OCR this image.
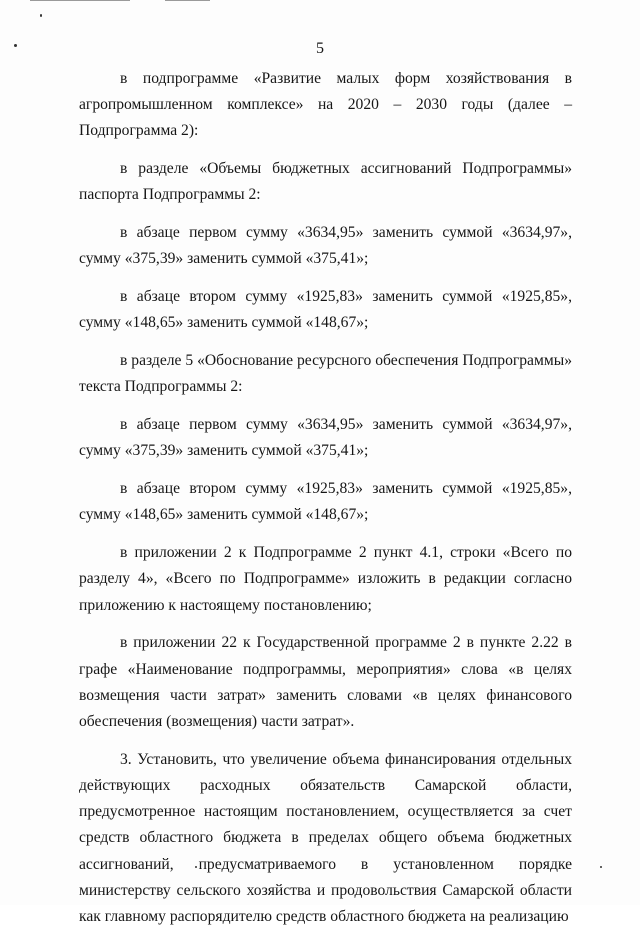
5

в подпрограмме «Развитие малых форм хозяйствования в агропромышленном комплексе» на 2020 – 2030 годы (далее – Подпрограмма 2):

в разделе «Объемы бюджетных ассигнований Подпрограммы» паспорта Подпрограммы 2:

в абзаце первом сумму «3634,95» заменить суммой «3634,97», сумму «375,39» заменить суммой «375,41»;

в абзаце втором сумму «1925,83» заменить суммой «1925,85», сумму «148,65» заменить суммой «148,67»;

в разделе 5 «Обоснование ресурсного обеспечения Подпрограммы» текста Подпрограммы 2:

в абзаце первом сумму «3634,95» заменить суммой «3634,97», сумму «375,39» заменить суммой «375,41»;

в абзаце втором сумму «1925,83» заменить суммой «1925,85», сумму «148,65» заменить суммой «148,67»;

в приложении 2 к Подпрограмме 2 пункт 4.1, строки «Всего по разделу 4», «Всего по Подпрограмме» изложить в редакции согласно приложению к настоящему постановлению;

в приложении 22 к Государственной программе 2 в пункте 2.22 в графе «Наименование подпрограммы, мероприятия» слова «в целях возмещения части затрат» заменить словами «в целях финансового обеспечения (возмещения) части затрат».

3. Установить, что увеличение объема финансирования отдельных действующих расходных обязательств Самарской области, предусмотренное настоящим постановлением, осуществляется за счет средств областного бюджета в пределах общего объема бюджетных ассигнований, предусматриваемого в установленном порядке министерству сельского хозяйства и продовольствия Самарской области как главному распорядителю средств областного бюджета на реализацию
